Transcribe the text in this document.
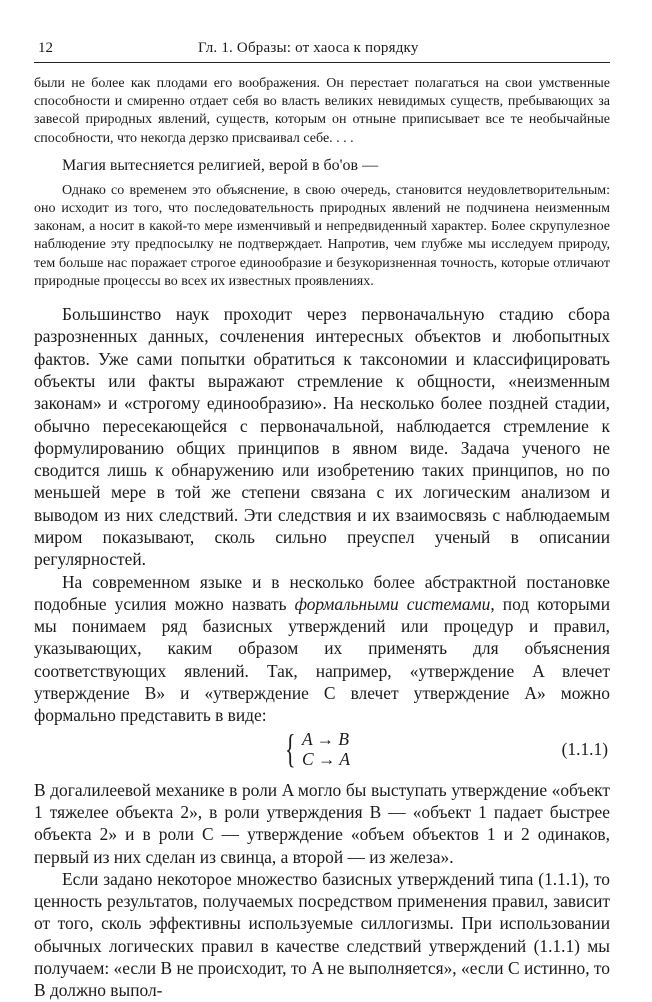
12	Гл. 1. Образы: от хаоса к порядку

были не более как плодами его воображения. Он перестает полагаться на свои умственные способности и смиренно отдает себя во власть великих невидимых существ, пребывающих за завесой природных явлений, существ, которым он отныне приписывает все те необычайные способности, что некогда дерзко присваивал себе. . . .

Магия вытесняется религией, верой в бо'ов —

Однако со временем это объяснение, в свою очередь, становится неудовлетворительным: оно исходит из того, что последовательность природных явлений не подчинена неизменным законам, а носит в какой-то мере изменчивый и непредвиденный характер. Более скрупулезное наблюдение эту предпосылку не подтверждает. Напротив, чем глубже мы исследуем природу, тем больше нас поражает строгое единообразие и безукоризненная точность, которые отличают природные процессы во всех их известных проявлениях.

Большинство наук проходит через первоначальную стадию сбора разрозненных данных, сочленения интересных объектов и любопытных фактов. Уже сами попытки обратиться к таксономии и классифицировать объекты или факты выражают стремление к общности, «неизменным законам» и «строгому единообразию». На несколько более поздней стадии, обычно пересекающейся с первоначальной, наблюдается стремление к формулированию общих принципов в явном виде. Задача ученого не сводится лишь к обнаружению или изобретению таких принципов, но по меньшей мере в той же степени связана с их логическим анализом и выводом из них следствий. Эти следствия и их взаимосвязь с наблюдаемым миром показывают, сколь сильно преуспел ученый в описании регулярностей.

На современном языке и в несколько более абстрактной постановке подобные усилия можно назвать формальными системами, под которыми мы понимаем ряд базисных утверждений или процедур и правил, указывающих, каким образом их применять для объяснения соответствующих явлений. Так, например, «утверждение A влечет утверждение B» и «утверждение C влечет утверждение A» можно формально представить в виде:

{ A → B
C → A	(1.1.1)

В догалилеевой механике в роли A могло бы выступать утверждение «объект 1 тяжелее объекта 2», в роли утверждения B — «объект 1 падает быстрее объекта 2» и в роли C — утверждение «объем объектов 1 и 2 одинаков, первый из них сделан из свинца, а второй — из железа».

Если задано некоторое множество базисных утверждений типа (1.1.1), то ценность результатов, получаемых посредством применения правил, зависит от того, сколь эффективны используемые силлогизмы. При использовании обычных логических правил в качестве следствий утверждений (1.1.1) мы получаем: «если B не происходит, то A не выполняется», «если C истинно, то B должно выпол-
